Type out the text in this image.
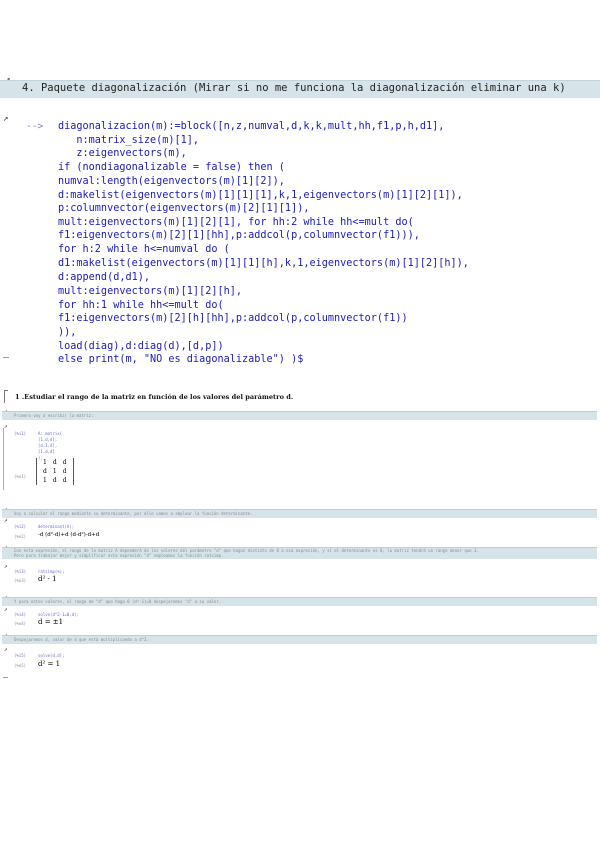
4. Paquete diagonalización (Mirar si no me funciona la diagonalización eliminar una k)
↗
--> diagonalizacion(m):=block([n,z,numval,d,k,k,mult,hh,f1,p,h,d1],
n:matrix_size(m)[1],
z:eigenvectors(m),
if (nondiagonalizable = false) then (
numval:length(eigenvectors(m)[1][2]),
d:makelist(eigenvectors(m)[1][1][1],k,1,eigenvectors(m)[1][2][1]),
p:columnvector(eigenvectors(m)[2][1][1]),
mult:eigenvectors(m)[1][2][1], for hh:2 while hh<=mult do(
f1:eigenvectors(m)[2][1][hh],p:addcol(p,columnvector(f1))),
for h:2 while h<=numval do (
d1:makelist(eigenvectors(m)[1][1][h],k,1,eigenvectors(m)[1][2][h]),
d:append(d,d1),
mult:eigenvectors(m)[1][2][h],
for hh:1 while hh<=mult do(
f1:eigenvectors(m)[2][h][hh],p:addcol(p,columnvector(f1))
)),
load(diag),d:diag(d),[d,p])
else print(m, "NO es diagonalizable") )$
1 .Estudiar el rango de la matriz en función de los valores del parámetro d.
Primero voy a escribir la matriz:
↗
(%i1)	A: matrix(
[1,d,d],
[d,1,d],
[1,d,d]
);
(%o1)
1	d	d
d	1	d
1	d	d
Voy a calcular el rango mediante su determinante, por ello vamos a emplear la función determinante.
↗
(%i2)	determinant(A);
(%o2) -d (d²-d)+d (d-d²)-d+d
Con esta expresión, el rango de la matriz A dependerá de los valores del parámetro "d" que hagan distinto de 0 a esa expresión, y si el determinante es 0, la matriz tendrá un rango menor que 3.
Pero para trabajar mejor y simplificar esta expresión "d" empleamos la función ratsimp.
↗
(%i3)	ratsimp(%);
(%o3) d² - 1
Y para estos valores, el rango de "d" que haga 0 (d²-1)=0 despejaremos "d" a su valor.
↗
(%i4)	solve(d^2-1=0,d);
(%o4) d = ±1
Despejaremos d, valor de d que está multiplicando a d^2.
↗
(%i5)	solve(d,d);
(%o5) d² = 1
